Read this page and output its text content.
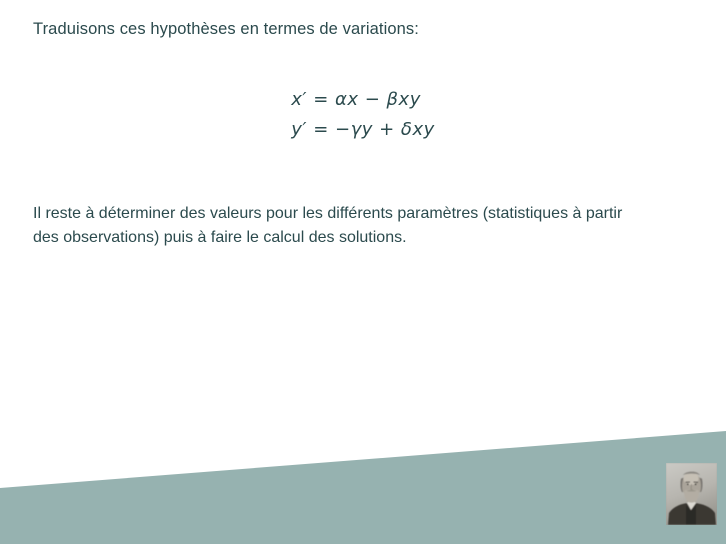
Traduisons ces hypothèses en termes de variations:
x′ = αx − βxy
y′ = −γy + δxy
Il reste à déterminer des valeurs pour les différents paramètres (statistiques à partir
des observations) puis à faire le calcul des solutions.
